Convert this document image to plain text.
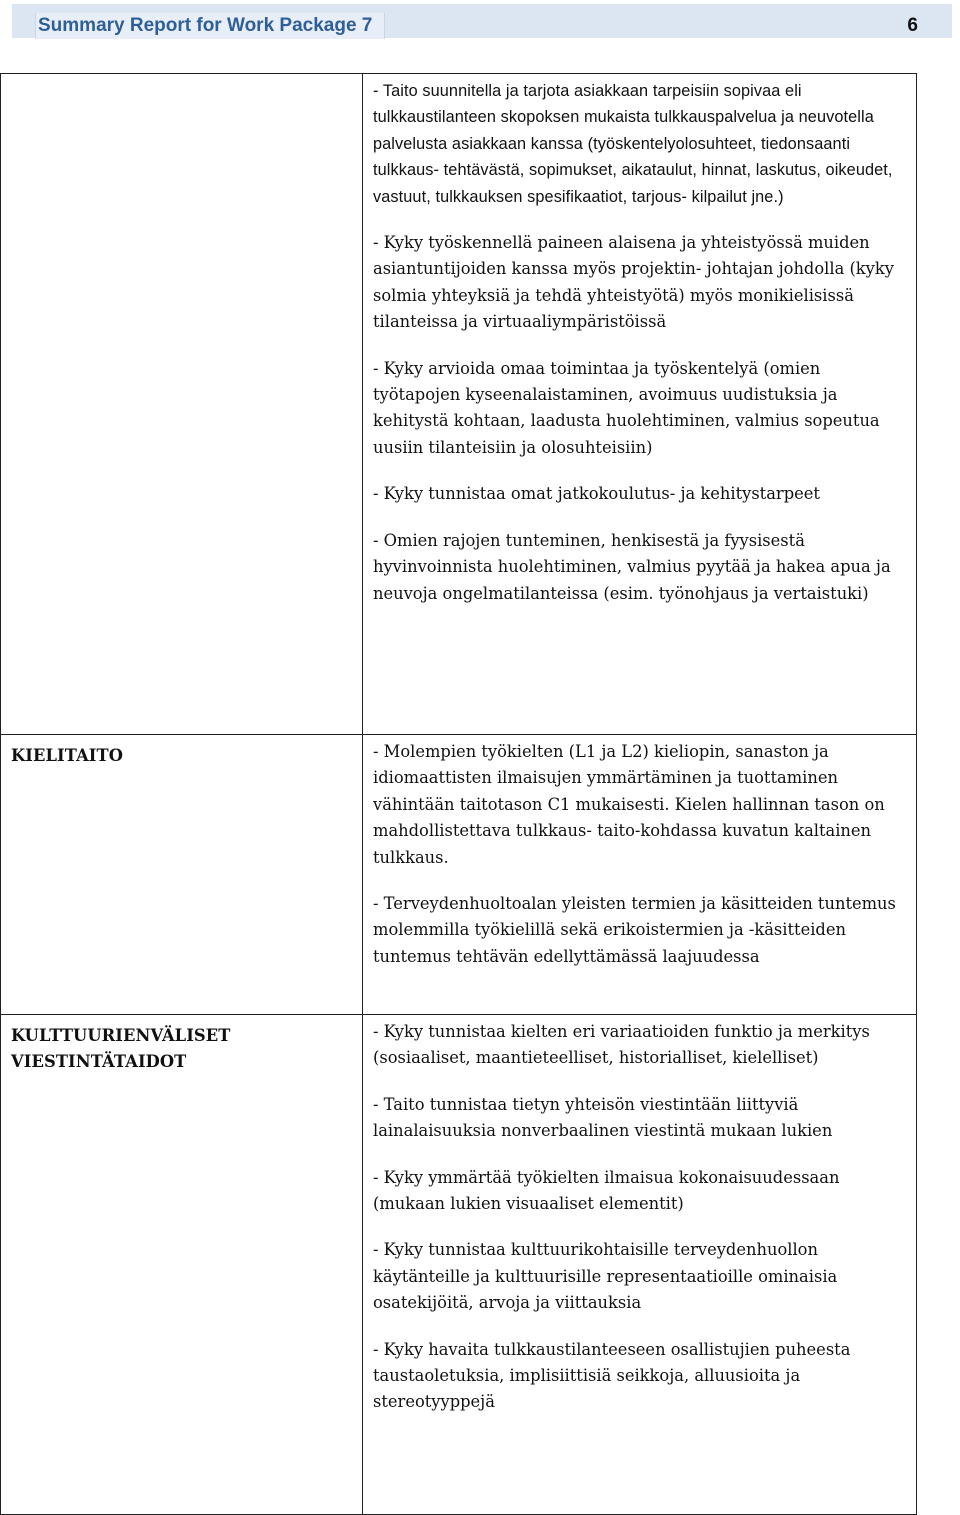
Summary Report for Work Package 7	6

	- Taito suunnitella ja tarjota asiakkaan tarpeisiin sopivaa eli tulkkaustilanteen skopoksen mukaista tulkkauspalvelua ja neuvotella palvelusta asiakkaan kanssa (työskentelyolosuhteet, tiedonsaanti tulkkaus- tehtävästä, sopimukset, aikataulut, hinnat, laskutus, oikeudet, vastuut, tulkkauksen spesifikaatiot, tarjous- kilpailut jne.)

- Kyky työskennellä paineen alaisena ja yhteistyössä muiden asiantuntijoiden kanssa myös projektin- johtajan johdolla (kyky solmia yhteyksiä ja tehdä yhteistyötä) myös monikielisissä tilanteissa ja virtuaaliympäristöissä

- Kyky arvioida omaa toimintaa ja työskentelyä (omien työtapojen kyseenalaistaminen, avoimuus uudistuksia ja kehitystä kohtaan, laadusta huolehtiminen, valmius sopeutua uusiin tilanteisiin ja olosuhteisiin)

- Kyky tunnistaa omat jatkokoulutus- ja kehitystarpeet

- Omien rajojen tunteminen, henkisestä ja fyysisestä hyvinvoinnista huolehtiminen, valmius pyytää ja hakea apua ja neuvoja ongelmatilanteissa (esim. työnohjaus ja vertaistuki)

KIELITAITO	- Molempien työkielten (L1 ja L2) kieliopin, sanaston ja idiomaattisten ilmaisujen ymmärtäminen ja tuottaminen vähintään taitotason C1 mukaisesti. Kielen hallinnan tason on mahdollistettava tulkkaus- taito-kohdassa kuvatun kaltainen tulkkaus.

- Terveydenhuoltoalan yleisten termien ja käsitteiden tuntemus molemmilla työkielillä sekä erikoistermien ja -käsitteiden tuntemus tehtävän edellyttämässä laajuudessa

KULTTUURIENVÄLISET VIESTINTÄTAIDOT	- Kyky tunnistaa kielten eri variaatioiden funktio ja merkitys (sosiaaliset, maantieteelliset, historialliset, kielelliset)

- Taito tunnistaa tietyn yhteisön viestintään liittyviä lainalaisuuksia nonverbaalinen viestintä mukaan lukien

- Kyky ymmärtää työkielten ilmaisua kokonaisuudessaan (mukaan lukien visuaaliset elementit)

- Kyky tunnistaa kulttuurikohtaisille terveydenhuollon käytänteille ja kulttuurisille representaatioille ominaisia osatekijöitä, arvoja ja viittauksia

- Kyky havaita tulkkaustilanteeseen osallistujien puheesta taustaoletuksia, implisiittisiä seikkoja, alluusioita ja stereotyyppejä
